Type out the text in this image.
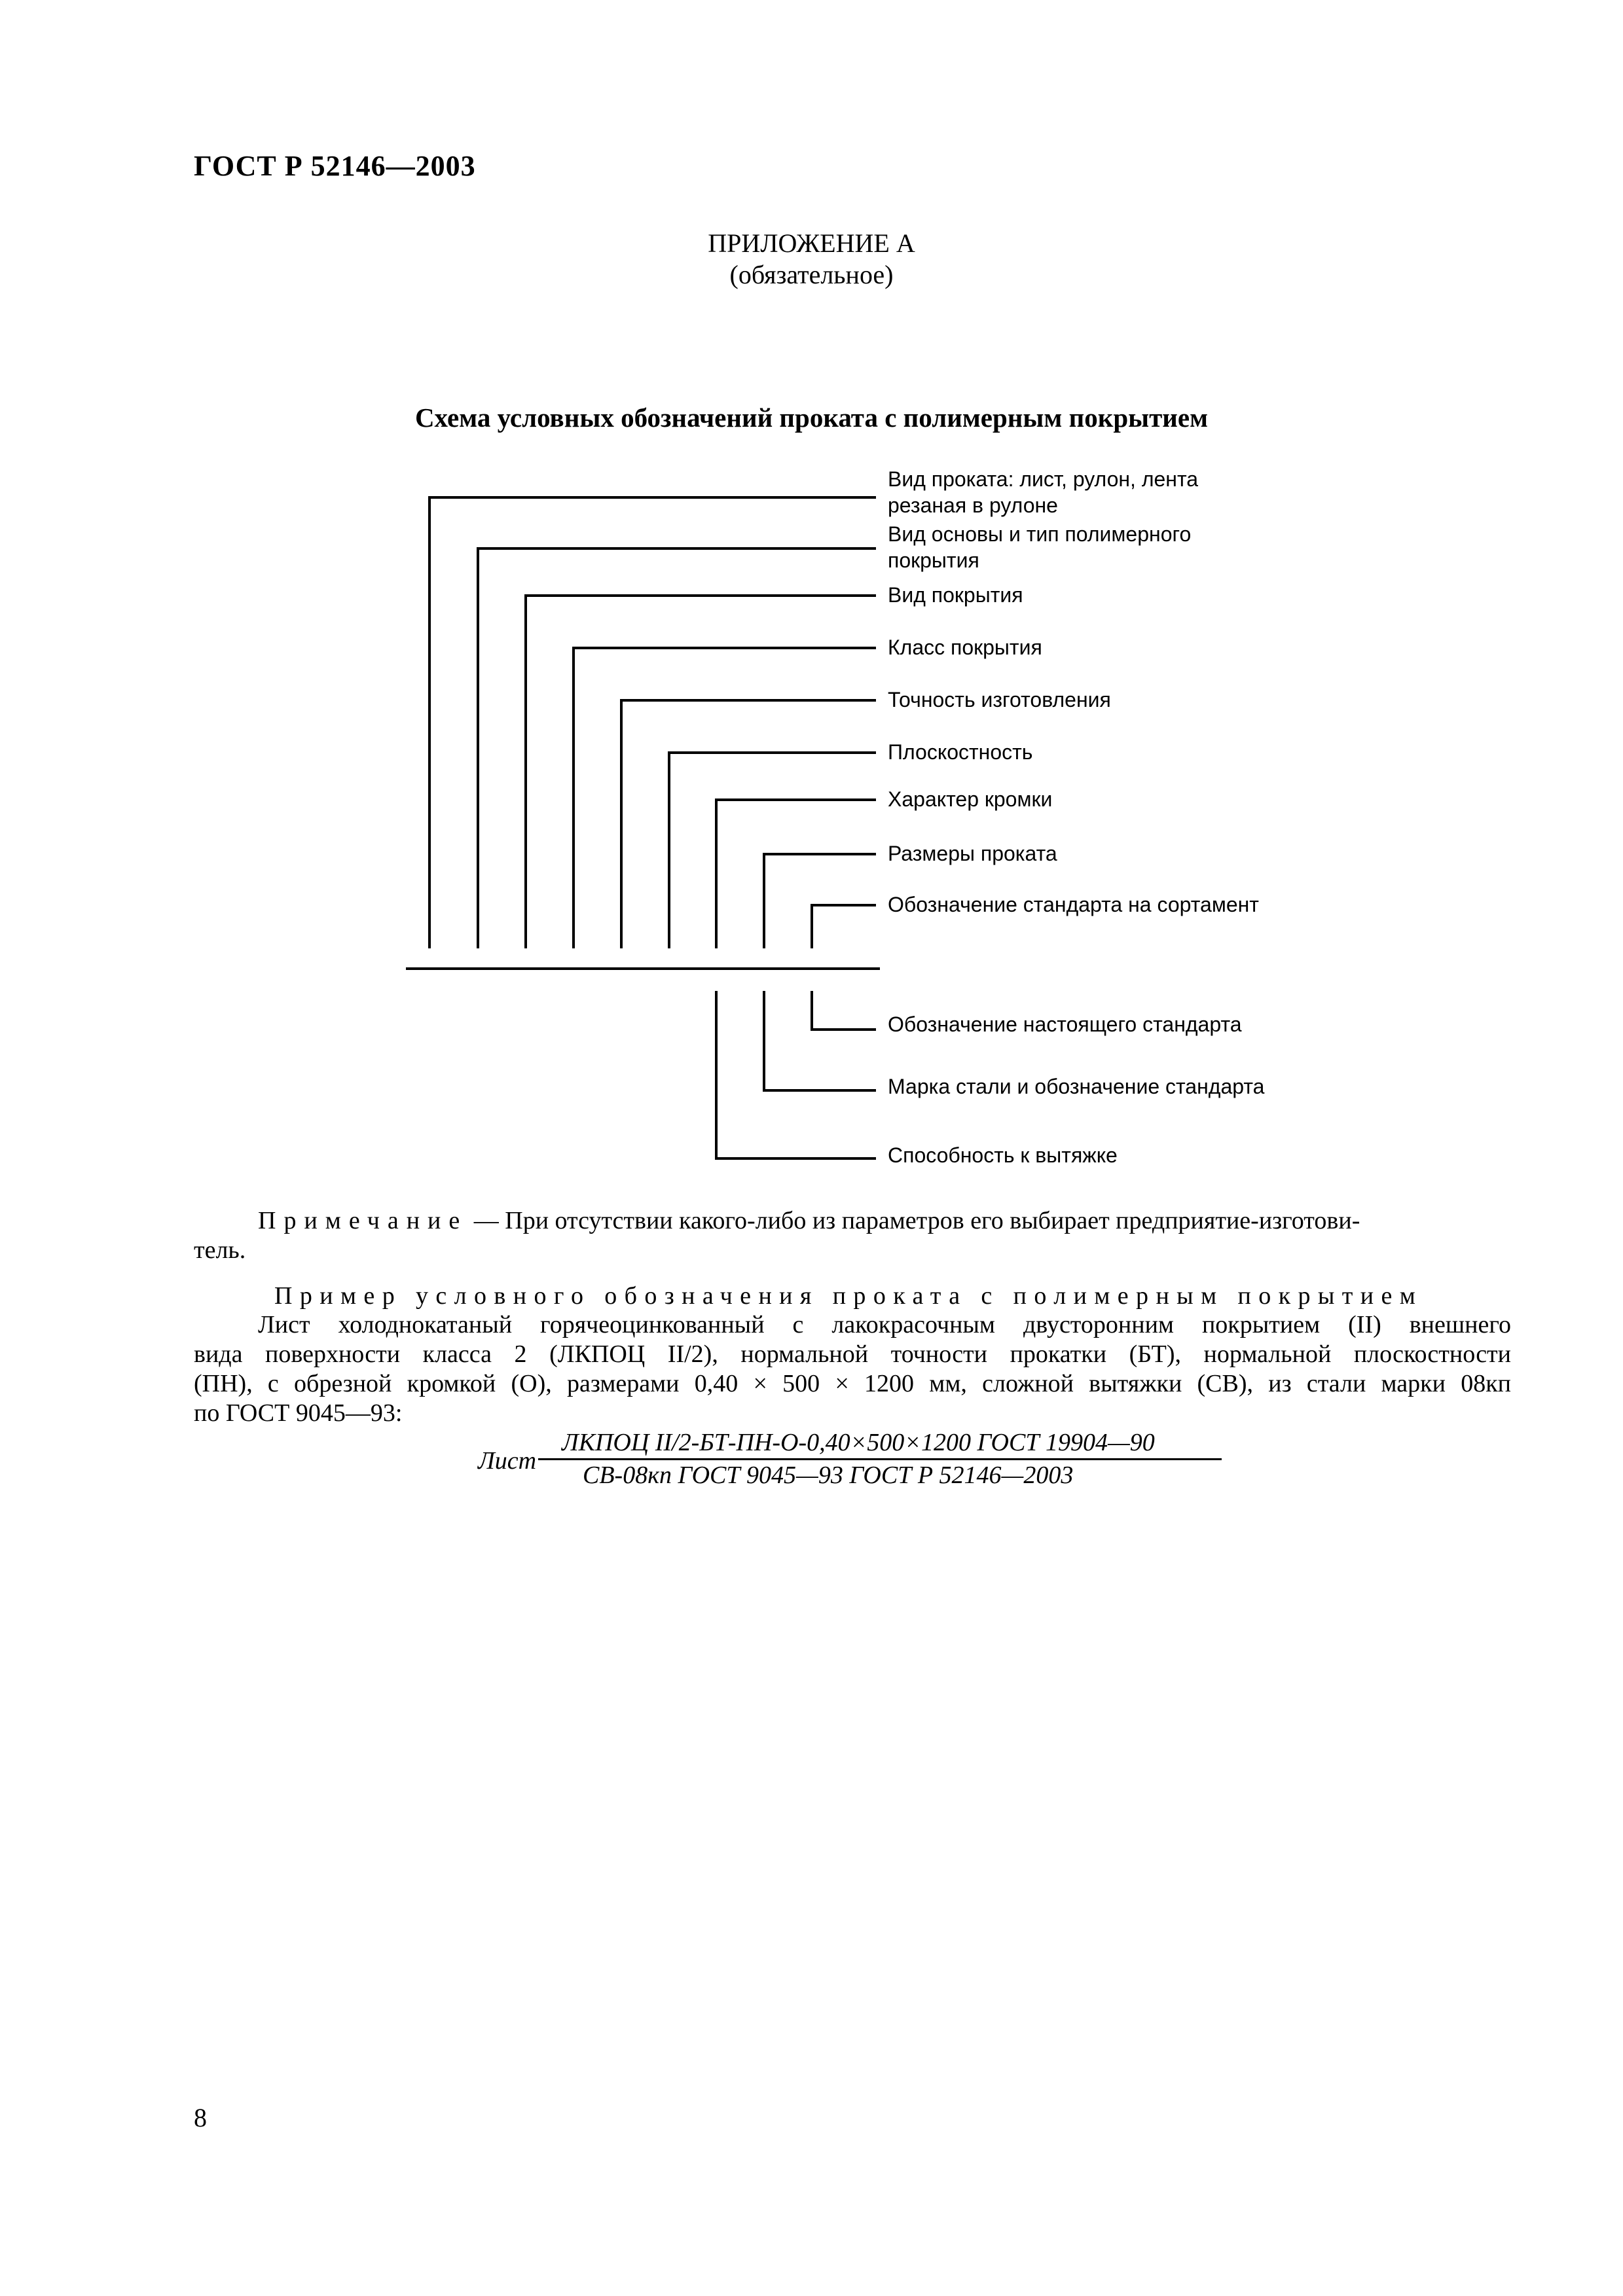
ГОСТ Р 52146—2003
ПРИЛОЖЕНИЕ А
(обязательное)
Схема условных обозначений проката с полимерным покрытием
Вид проката: лист, рулон, лента
резаная в рулоне
Вид основы и тип полимерного
покрытия
Вид покрытия
Класс покрытия
Точность изготовления
Плоскостность
Характер кромки
Размеры проката
Обозначение стандарта на сортамент
Обозначение настоящего стандарта
Марка стали и обозначение стандарта
Способность к вытяжке
Примечание — При отсутствии какого-либо из параметров его выбирает предприятие-изготови-
тель.
Пример условного обозначения проката с полимерным покрытием
Лист холоднокатаный горячеоцинкованный с лакокрасочным двусторонним покрытием (II) внешнего
вида поверхности класса 2 (ЛКПОЦ II/2), нормальной точности прокатки (БТ), нормальной плоскостности
(ПН), с обрезной кромкой (О), размерами 0,40 × 500 × 1200 мм, сложной вытяжки (СВ), из стали марки 08кп
по ГОСТ 9045—93:
Лист
ЛКПОЦ II/2-БТ-ПН-О-0,40×500×1200 ГОСТ 19904—90
СВ-08кп ГОСТ 9045—93 ГОСТ Р 52146—2003
8
